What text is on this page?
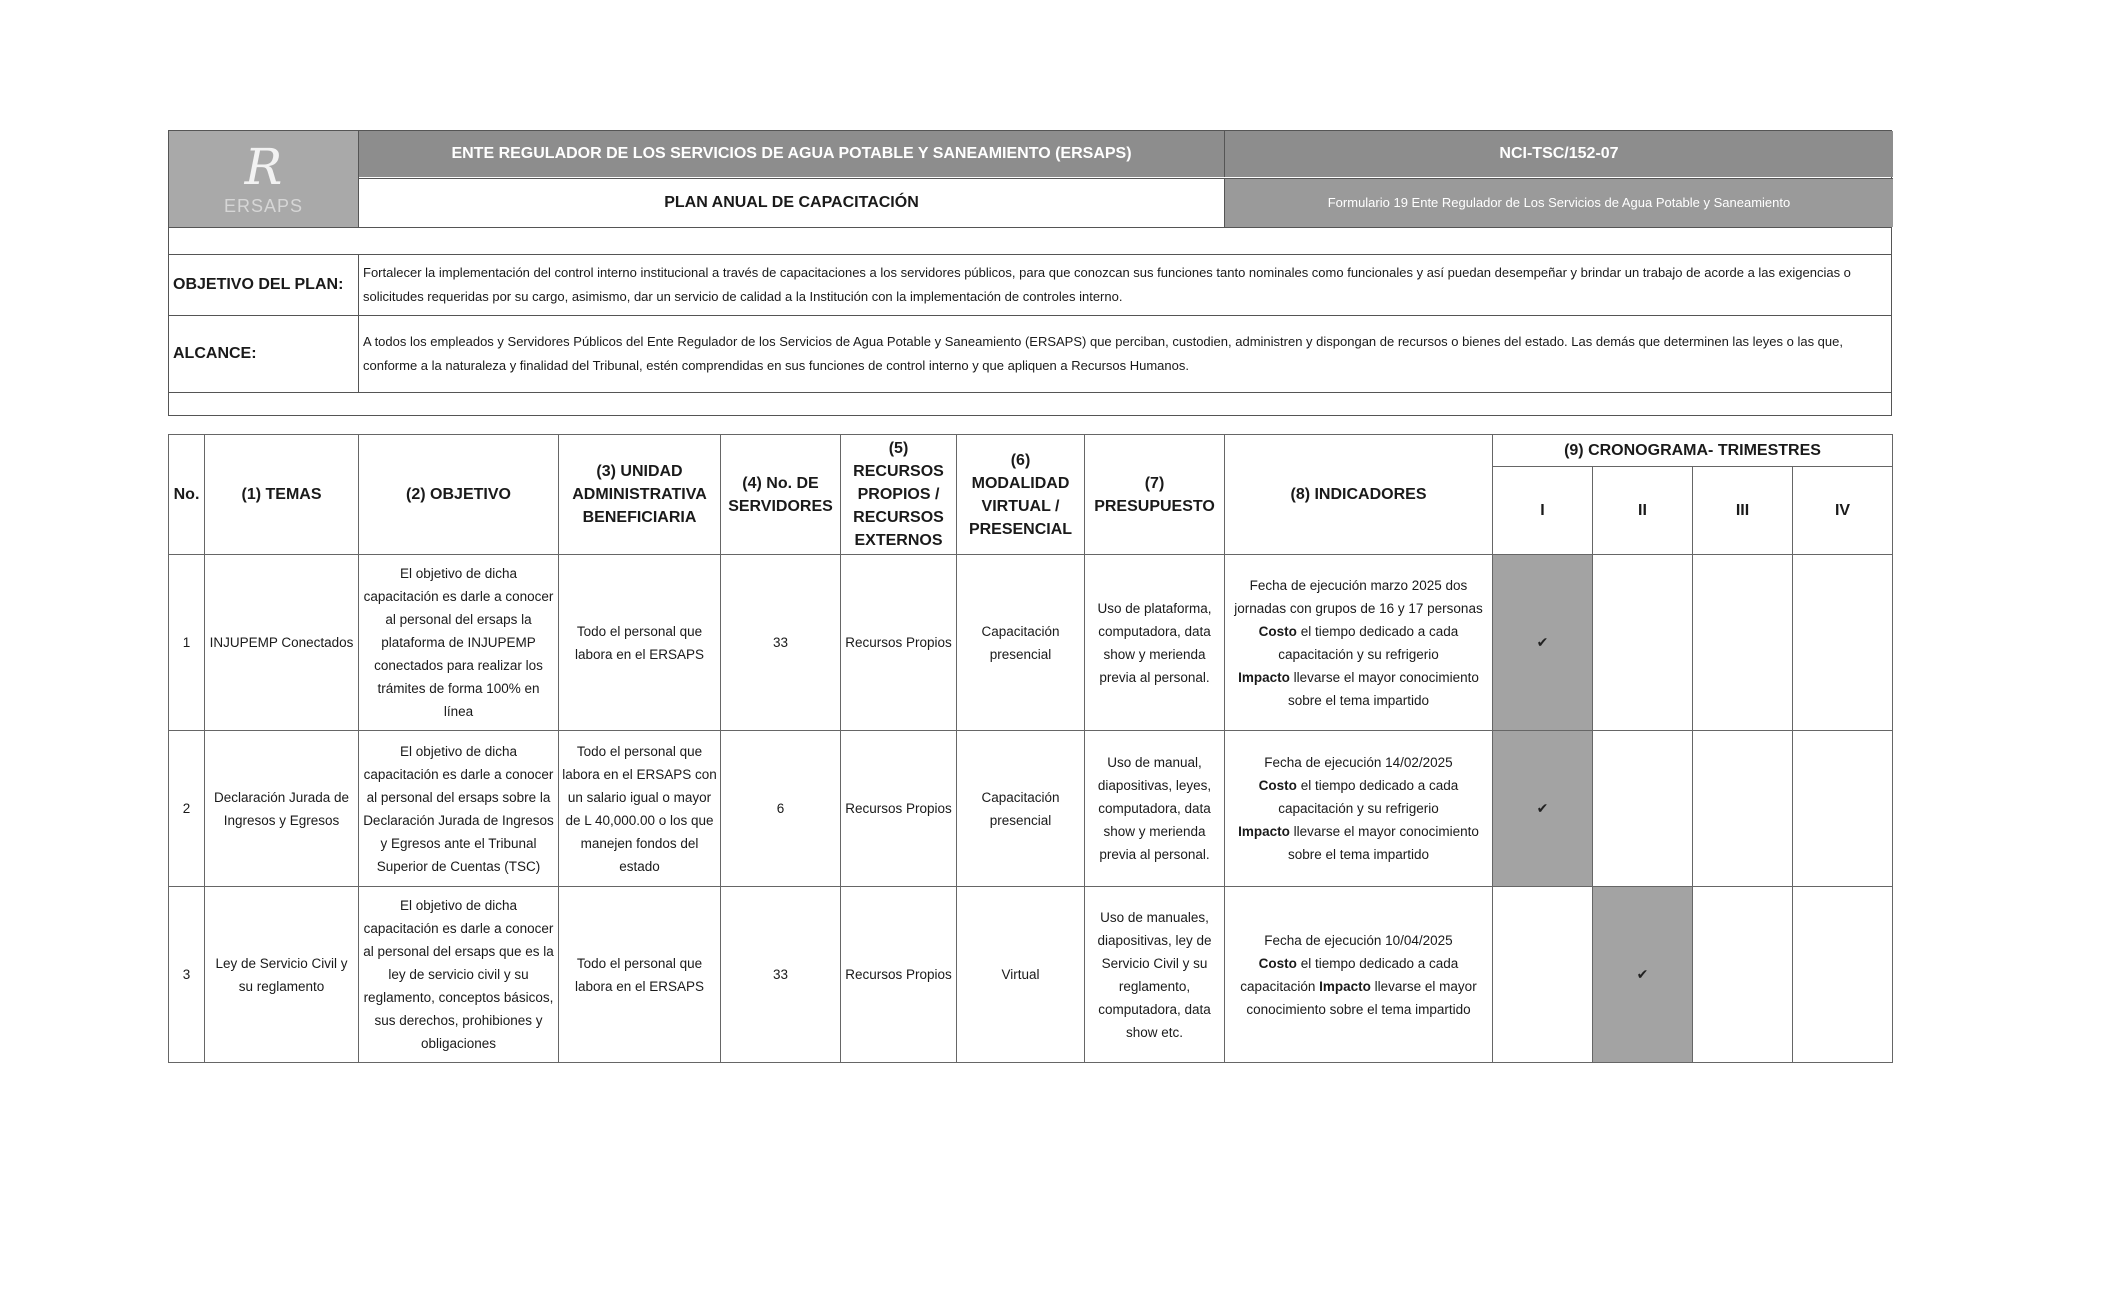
R
ERSAPS
ENTE REGULADOR DE LOS SERVICIOS DE AGUA POTABLE Y SANEAMIENTO (ERSAPS)	NCI-TSC/152-07
PLAN ANUAL DE CAPACITACIÓN	Formulario 19 Ente Regulador de Los Servicios de Agua Potable y Saneamiento
OBJETIVO DEL PLAN:
Fortalecer la implementación del control interno institucional a través de capacitaciones a los servidores públicos, para que conozcan sus funciones tanto nominales como funcionales y así puedan desempeñar y brindar un trabajo de acorde a las exigencias o solicitudes requeridas por su cargo, asimismo, dar un servicio de calidad a la Institución con la implementación de controles interno.
ALCANCE:
A todos los empleados y Servidores Públicos del Ente Regulador de los Servicios de Agua Potable y Saneamiento (ERSAPS) que perciban, custodien, administren y dispongan de recursos o bienes del estado. Las demás que determinen las leyes o las que, conforme a la naturaleza y finalidad del Tribunal, estén comprendidas en sus funciones de control interno y que apliquen a Recursos Humanos.
No.	(1) TEMAS	(2) OBJETIVO	(3) UNIDAD ADMINISTRATIVA BENEFICIARIA	(4) No. DE SERVIDORES	(5) RECURSOS PROPIOS / RECURSOS EXTERNOS	(6) MODALIDAD VIRTUAL / PRESENCIAL	(7) PRESUPUESTO	(8) INDICADORES	(9) CRONOGRAMA- TRIMESTRES			
									I	II	III	IV
1	INJUPEMP Conectados	El objetivo de dicha capacitación es darle a conocer al personal del ersaps la plataforma de INJUPEMP conectados para realizar los trámites de forma 100% en línea	Todo el personal que labora en el ERSAPS	33	Recursos Propios	Capacitación presencial	Uso de plataforma, computadora, data show y merienda previa al personal.	Fecha de ejecución marzo 2025 dos jornadas con grupos de 16 y 17 personas
Costo el tiempo dedicado a cada capacitación y su refrigerio
Impacto llevarse el mayor conocimiento sobre el tema impartido	✔			
2	Declaración Jurada de Ingresos y Egresos	El objetivo de dicha capacitación es darle a conocer al personal del ersaps sobre la Declaración Jurada de Ingresos y Egresos ante el Tribunal Superior de Cuentas (TSC)	Todo el personal que labora en el ERSAPS con un salario igual o mayor de L 40,000.00 o los que manejen fondos del estado	6	Recursos Propios	Capacitación presencial	Uso de manual, diapositivas, leyes, computadora, data show y merienda previa al personal.	Fecha de ejecución 14/02/2025
Costo el tiempo dedicado a cada capacitación y su refrigerio
Impacto llevarse el mayor conocimiento sobre el tema impartido	✔			
3	Ley de Servicio Civil y su reglamento	El objetivo de dicha capacitación es darle a conocer al personal del ersaps que es la ley de servicio civil y su reglamento, conceptos básicos, sus derechos, prohibiones y obligaciones	Todo el personal que labora en el ERSAPS	33	Recursos Propios	Virtual	Uso de manuales, diapositivas, ley de Servicio Civil y su reglamento, computadora, data show etc.	Fecha de ejecución 10/04/2025
Costo el tiempo dedicado a cada capacitación Impacto llevarse el mayor conocimiento sobre el tema impartido		✔		
